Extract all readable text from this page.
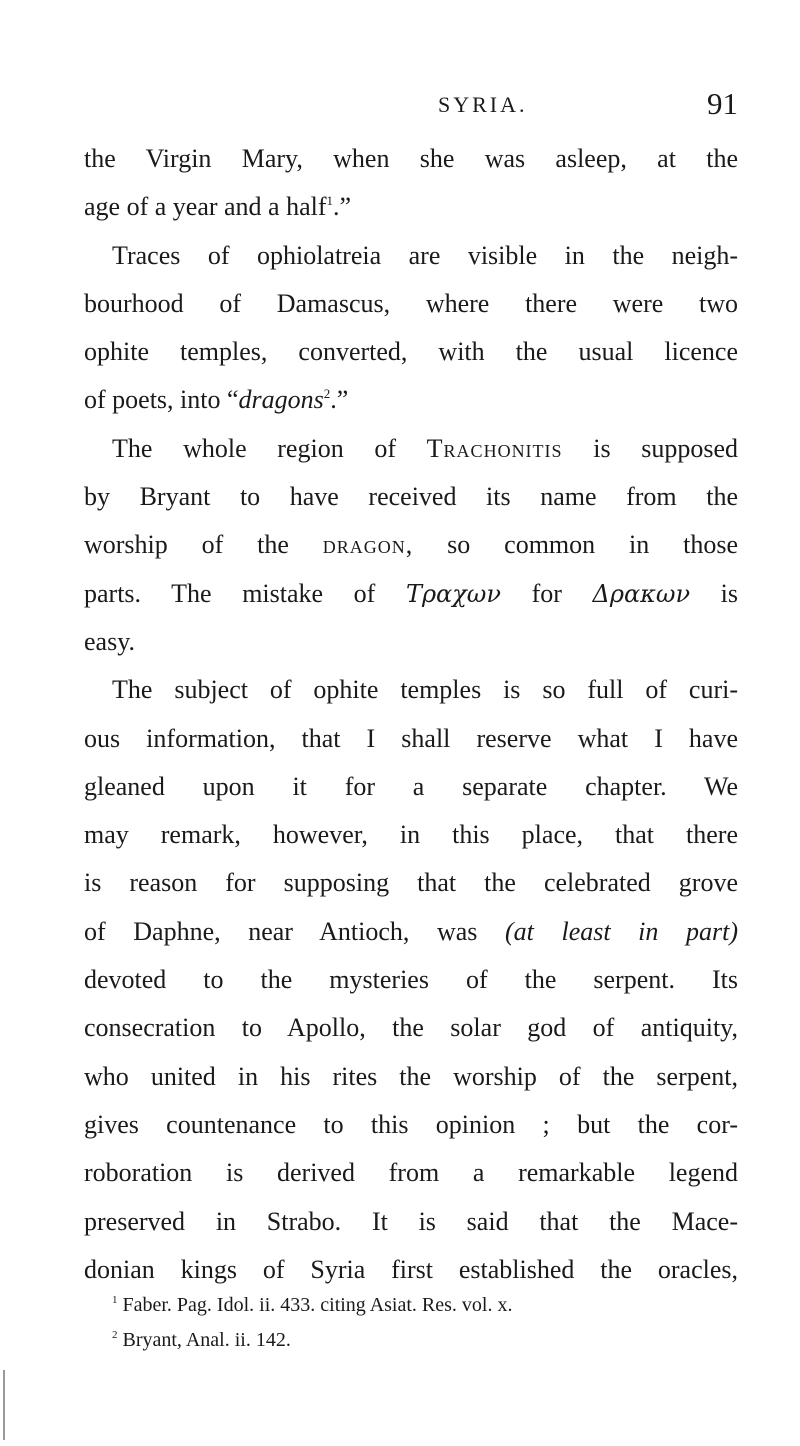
SYRIA.	91
the Virgin Mary, when she was asleep, at the
age of a year and a half$^1$.”
Traces of ophiolatreia are visible in the neigh-
bourhood of Damascus, where there were two
ophite temples, converted, with the usual licence
of poets, into “dragons$^2$.”
The whole region of Trachonitis is supposed
by Bryant to have received its name from the
worship of the dragon, so common in those
parts. The mistake of Τραχων for Δρακων is
easy.
The subject of ophite temples is so full of curi-
ous information, that I shall reserve what I have
gleaned upon it for a separate chapter. We
may remark, however, in this place, that there
is reason for supposing that the celebrated grove
of Daphne, near Antioch, was (at least in part)
devoted to the mysteries of the serpent. Its
consecration to Apollo, the solar god of antiquity,
who united in his rites the worship of the serpent,
gives countenance to this opinion ; but the cor-
roboration is derived from a remarkable legend
preserved in Strabo. It is said that the Mace-
donian kings of Syria first established the oracles,
$^1$ Faber. Pag. Idol. ii. 433. citing Asiat. Res. vol. x.
$^2$ Bryant, Anal. ii. 142.
